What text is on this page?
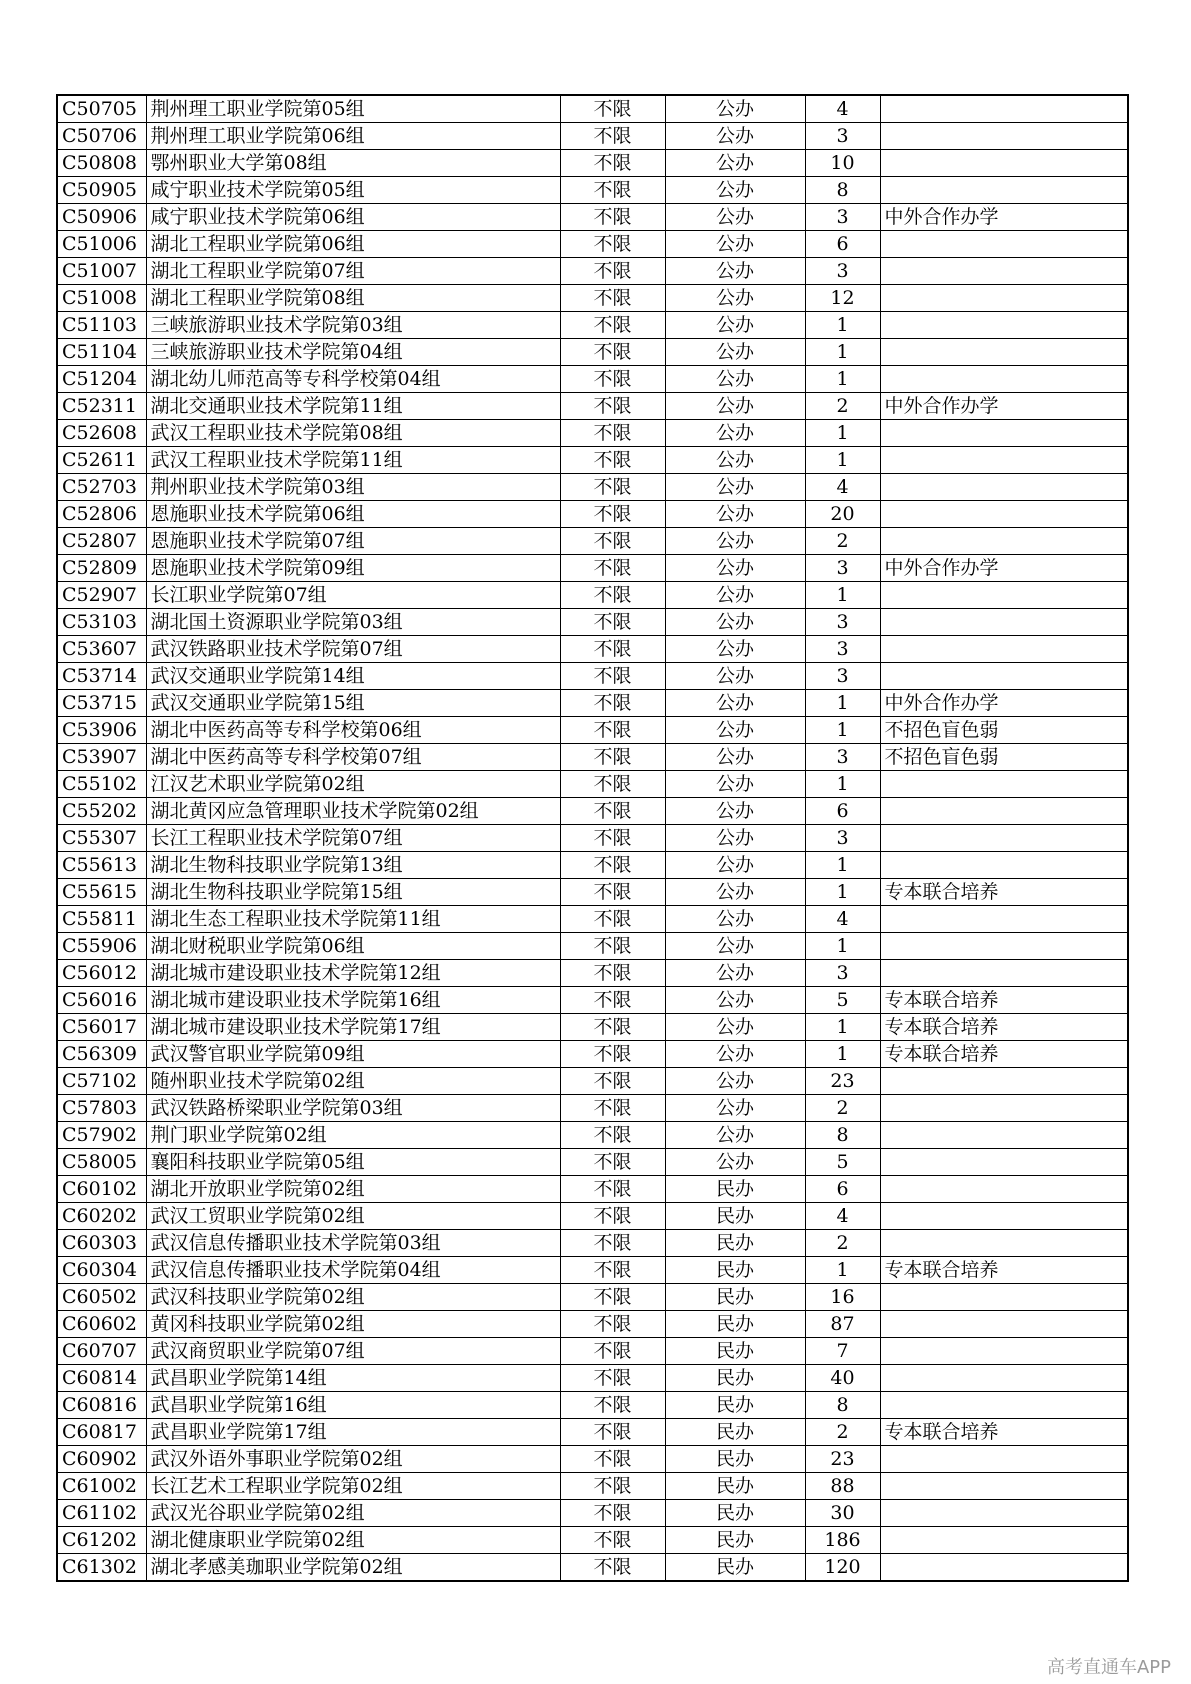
C50705	荆州理工职业学院第05组	不限	公办	4	
C50706	荆州理工职业学院第06组	不限	公办	3	
C50808	鄂州职业大学第08组	不限	公办	10	
C50905	咸宁职业技术学院第05组	不限	公办	8	
C50906	咸宁职业技术学院第06组	不限	公办	3	中外合作办学
C51006	湖北工程职业学院第06组	不限	公办	6	
C51007	湖北工程职业学院第07组	不限	公办	3	
C51008	湖北工程职业学院第08组	不限	公办	12	
C51103	三峡旅游职业技术学院第03组	不限	公办	1	
C51104	三峡旅游职业技术学院第04组	不限	公办	1	
C51204	湖北幼儿师范高等专科学校第04组	不限	公办	1	
C52311	湖北交通职业技术学院第11组	不限	公办	2	中外合作办学
C52608	武汉工程职业技术学院第08组	不限	公办	1	
C52611	武汉工程职业技术学院第11组	不限	公办	1	
C52703	荆州职业技术学院第03组	不限	公办	4	
C52806	恩施职业技术学院第06组	不限	公办	20	
C52807	恩施职业技术学院第07组	不限	公办	2	
C52809	恩施职业技术学院第09组	不限	公办	3	中外合作办学
C52907	长江职业学院第07组	不限	公办	1	
C53103	湖北国土资源职业学院第03组	不限	公办	3	
C53607	武汉铁路职业技术学院第07组	不限	公办	3	
C53714	武汉交通职业学院第14组	不限	公办	3	
C53715	武汉交通职业学院第15组	不限	公办	1	中外合作办学
C53906	湖北中医药高等专科学校第06组	不限	公办	1	不招色盲色弱
C53907	湖北中医药高等专科学校第07组	不限	公办	3	不招色盲色弱
C55102	江汉艺术职业学院第02组	不限	公办	1	
C55202	湖北黄冈应急管理职业技术学院第02组	不限	公办	6	
C55307	长江工程职业技术学院第07组	不限	公办	3	
C55613	湖北生物科技职业学院第13组	不限	公办	1	
C55615	湖北生物科技职业学院第15组	不限	公办	1	专本联合培养
C55811	湖北生态工程职业技术学院第11组	不限	公办	4	
C55906	湖北财税职业学院第06组	不限	公办	1	
C56012	湖北城市建设职业技术学院第12组	不限	公办	3	
C56016	湖北城市建设职业技术学院第16组	不限	公办	5	专本联合培养
C56017	湖北城市建设职业技术学院第17组	不限	公办	1	专本联合培养
C56309	武汉警官职业学院第09组	不限	公办	1	专本联合培养
C57102	随州职业技术学院第02组	不限	公办	23	
C57803	武汉铁路桥梁职业学院第03组	不限	公办	2	
C57902	荆门职业学院第02组	不限	公办	8	
C58005	襄阳科技职业学院第05组	不限	公办	5	
C60102	湖北开放职业学院第02组	不限	民办	6	
C60202	武汉工贸职业学院第02组	不限	民办	4	
C60303	武汉信息传播职业技术学院第03组	不限	民办	2	
C60304	武汉信息传播职业技术学院第04组	不限	民办	1	专本联合培养
C60502	武汉科技职业学院第02组	不限	民办	16	
C60602	黄冈科技职业学院第02组	不限	民办	87	
C60707	武汉商贸职业学院第07组	不限	民办	7	
C60814	武昌职业学院第14组	不限	民办	40	
C60816	武昌职业学院第16组	不限	民办	8	
C60817	武昌职业学院第17组	不限	民办	2	专本联合培养
C60902	武汉外语外事职业学院第02组	不限	民办	23	
C61002	长江艺术工程职业学院第02组	不限	民办	88	
C61102	武汉光谷职业学院第02组	不限	民办	30	
C61202	湖北健康职业学院第02组	不限	民办	186	
C61302	湖北孝感美珈职业学院第02组	不限	民办	120	
高考直通车APP
